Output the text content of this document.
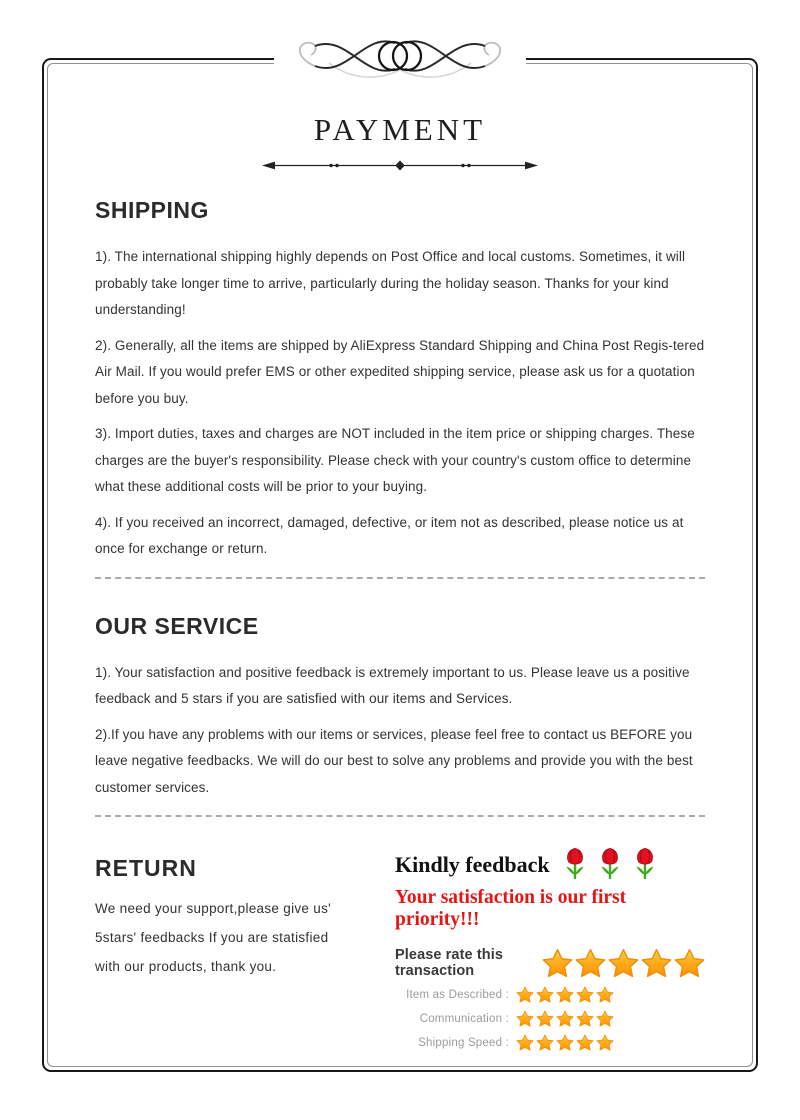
PAYMENT
SHIPPING

1). The international shipping highly depends on Post Office and local customs. Sometimes, it will probably take longer time to arrive, particularly during the holiday season. Thanks for your kind understanding!

2). Generally, all the items are shipped by AliExpress Standard Shipping and China Post Regis-tered Air Mail. If you would prefer EMS or other expedited shipping service, please ask us for a quotation before you buy.

3). Import duties, taxes and charges are NOT included in the item price or shipping charges. These charges are the buyer's responsibility. Please check with your country's custom office to determine what these additional costs will be prior to your buying.

4). If you received an incorrect, damaged, defective, or item not as described, please notice us at once for exchange or return.

OUR SERVICE

1). Your satisfaction and positive feedback is extremely important to us. Please leave us a positive feedback and 5 stars if you are satisfied with our items and Services.

2).If you have any problems with our items or services, please feel free to contact us BEFORE you leave negative feedbacks. We will do our best to solve any problems and provide you with the best customer services.

RETURN

We need your support,please give us' 5stars' feedbacks If you are statisfied with our products, thank you.

Kindly feedback
Your satisfaction is our first priority!!!
Please rate this transaction
Item as Described :
Communication :
Shipping Speed :
